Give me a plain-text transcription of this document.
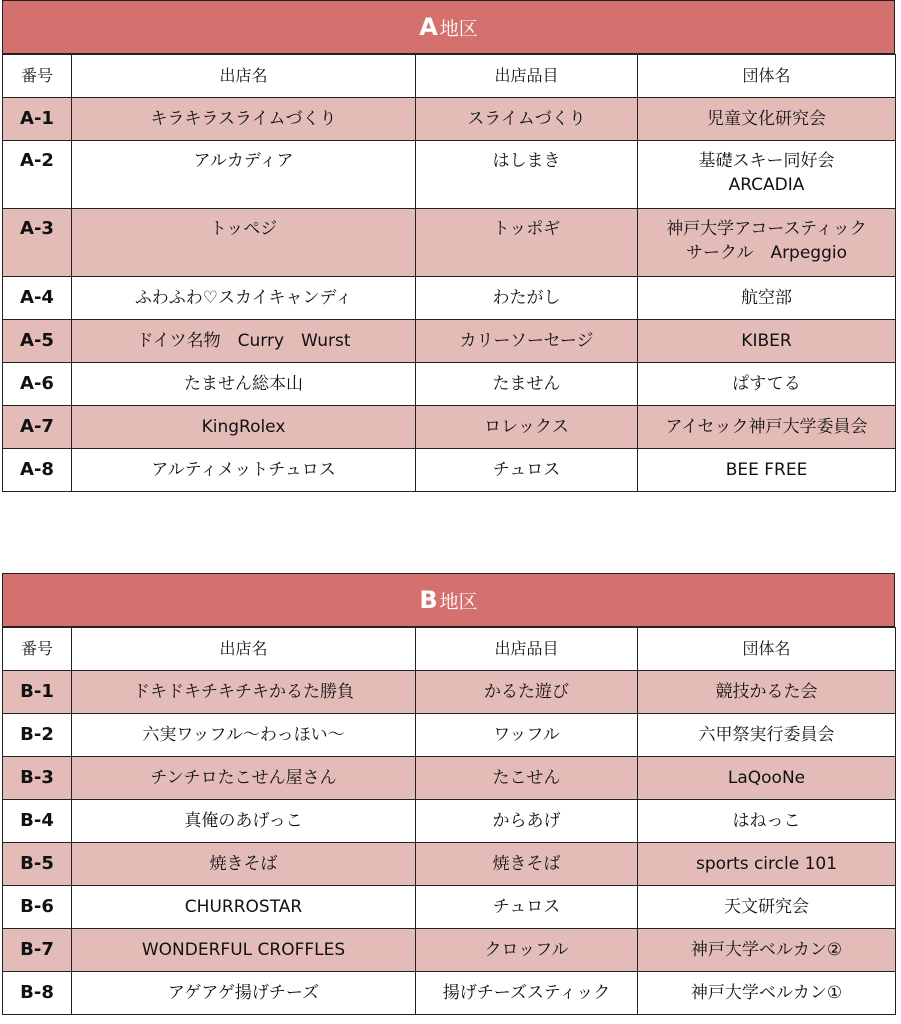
A 地区
番号	出店名	出店品目	団体名
A-1	キラキラスライムづくり	スライムづくり	児童文化研究会
A-2	アルカディア	はしまき	基礎スキー同好会
ARCADIA

A-3	トッペジ	トッポギ	神戸大学アコースティック
サークル　Arpeggio

A-4	ふわふわ♡スカイキャンディ	わたがし	航空部
A-5	ドイツ名物　Curry　Wurst	カリーソーセージ	KIBER
A-6	たません総本山	たません	ぱすてる
A-7	KingRolex	ロレックス	アイセック神戸大学委員会
A-8	アルティメットチュロス	チュロス	BEE FREE
B 地区
番号	出店名	出店品目	団体名
B-1	ドキドキチキチキかるた勝負	かるた遊び	競技かるた会
B-2	六実ワッフル～わっほい～	ワッフル	六甲祭実行委員会
B-3	チンチロたこせん屋さん	たこせん	LaQooNe
B-4	真俺のあげっこ	からあげ	はねっこ
B-5	焼きそば	焼きそば	sports circle 101
B-6	CHURROSTAR	チュロス	天文研究会
B-7	WONDERFUL CROFFLES	クロッフル	神戸大学ベルカン②
B-8	アゲアゲ揚げチーズ	揚げチーズスティック	神戸大学ベルカン①
